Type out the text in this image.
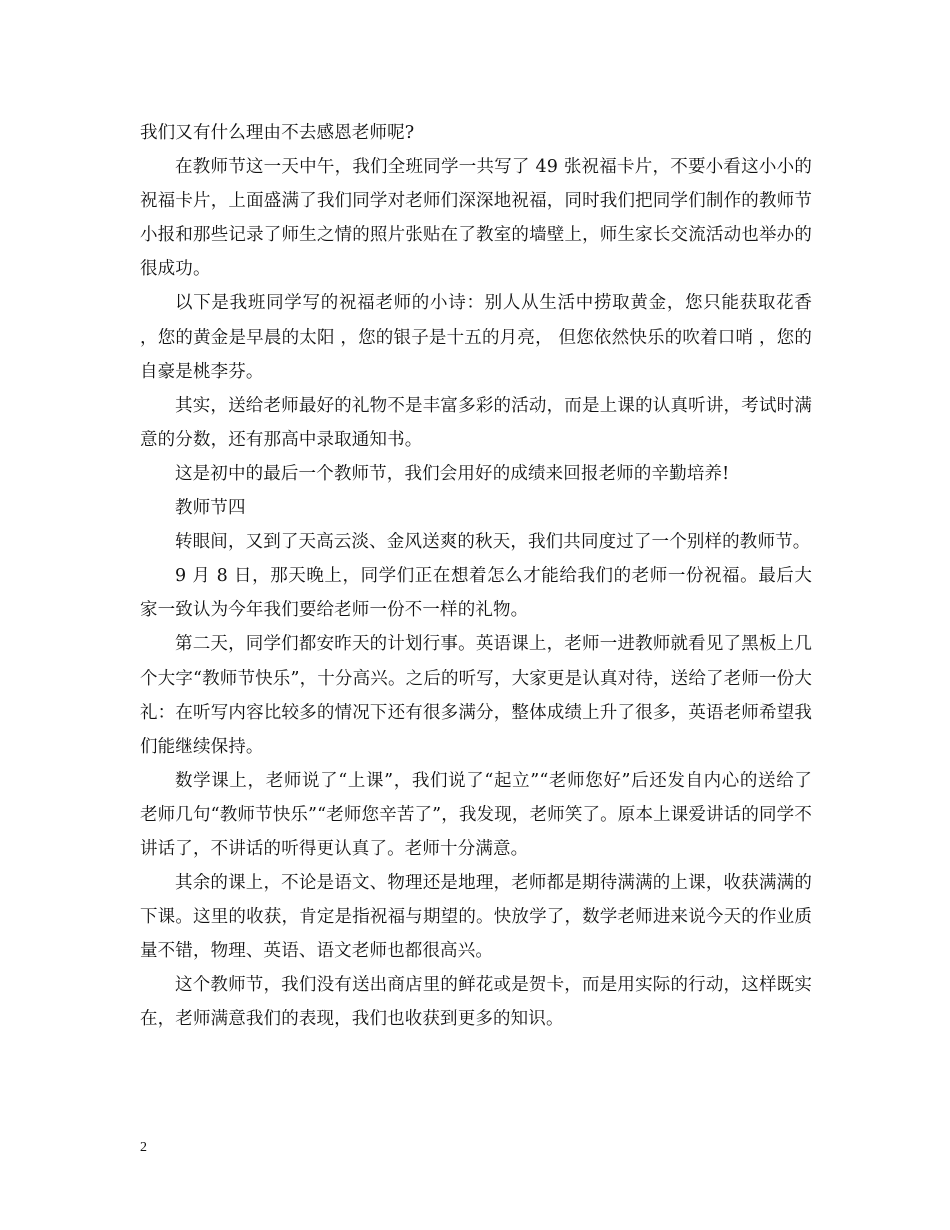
我们又有什么理由不去感恩老师呢?

在教师节这一天中午，我们全班同学一共写了 49 张祝福卡片，不要小看这小小的祝福卡片，上面盛满了我们同学对老师们深深地祝福，同时我们把同学们制作的教师节小报和那些记录了师生之情的照片张贴在了教室的墙壁上，师生家长交流活动也举办的很成功。

以下是我班同学写的祝福老师的小诗：别人从生活中捞取黄金，您只能获取花香 ，您的黄金是早晨的太阳 ，您的银子是十五的月亮， 但您依然快乐的吹着口哨 ，您的自豪是桃李芬。

其实，送给老师最好的礼物不是丰富多彩的活动，而是上课的认真听讲，考试时满意的分数，还有那高中录取通知书。

这是初中的最后一个教师节，我们会用好的成绩来回报老师的辛勤培养!

教师节四

转眼间，又到了天高云淡、金风送爽的秋天，我们共同度过了一个别样的教师节。

9 月 8 日，那天晚上，同学们正在想着怎么才能给我们的老师一份祝福。最后大家一致认为今年我们要给老师一份不一样的礼物。

第二天，同学们都安昨天的计划行事。英语课上，老师一进教师就看见了黑板上几个大字“教师节快乐”，十分高兴。之后的听写，大家更是认真对待，送给了老师一份大礼：在听写内容比较多的情况下还有很多满分，整体成绩上升了很多，英语老师希望我们能继续保持。

数学课上，老师说了“上课”，我们说了“起立”“老师您好”后还发自内心的送给了老师几句“教师节快乐”“老师您辛苦了”，我发现，老师笑了。原本上课爱讲话的同学不讲话了，不讲话的听得更认真了。老师十分满意。

其余的课上，不论是语文、物理还是地理，老师都是期待满满的上课，收获满满的下课。这里的收获，肯定是指祝福与期望的。快放学了，数学老师进来说今天的作业质量不错，物理、英语、语文老师也都很高兴。

这个教师节，我们没有送出商店里的鲜花或是贺卡，而是用实际的行动，这样既实在，老师满意我们的表现，我们也收获到更多的知识。

2
